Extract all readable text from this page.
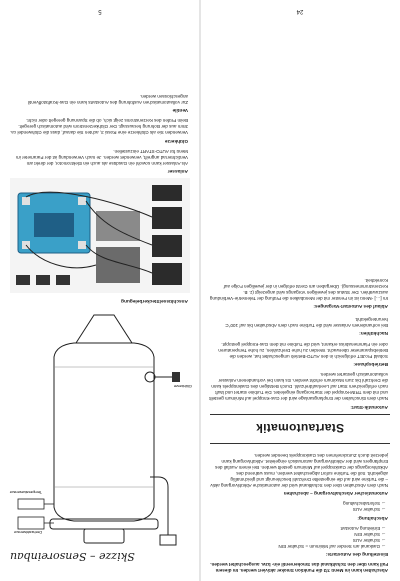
Abschalten kann im Menü 7/3 die Funktion Smoker aktiviert werden. Im diesem Fall kann über den Schaltkanal das Smokerventil ein- bzw. ausgeschaltet werden.

Einstellung des Autostarts:
→ Gaskanal am Sender auf Minimum = Schalter EIN
→ Schalter AUS
→ Schalter EIN
→ Einleitung Autostart
Abschaltung:
→ Schalter AUS
→ Sofortabschaltung
Automatischer Abschaltvorgang – abschalten

Nach dem Abschalten über den Schaltkanal wird der automatische Abkühlvorgang aktiv – die Turbine wird auf die eingestellte Drehzahl beschleunigt und gleichmäßig abgekühlt. Soll die Turbine sofort abgeschaltet werden, muss während des Abkühlvorgangs der Gasknüppel auf Minimum gestellt werden. Bei einem Ausfall des Empfängers wird der Abkühlvorgang automatisch eingeleitet. Abkühlvorgang kann jederzeit durch Zurücknehmen des Gasknüppels beendet werden.

Startautomatik
Automatik-Start:

Nach dem Einschalten der Empfangsanlage wird der Gas-Knüppel auf Minimum gestellt und mit dem TRIM-Knüppel der Startvorgang eingeleitet. Die Turbine startet und läuft nach erfolgreichem Start auf Leerlaufdrehzahl. Durch Betätigen des Gasknüppels kann die Drehzahl bis zum Maximum erhöht werden. Es kann bei vorhandenem Anlasser vollautomatisch gestartet werden.

Betriebsphase:

Sobald ProJET erfolgreich in den AUTO-Betrieb umgeschaltet hat, werden die Betriebsparameter überwacht. Werden zu hohe Drehzahlen, zu hohe Temperaturen oder ein Flammenabriss erkannt, wird die Turbine mit dem Gas-Knüppel gestoppt.

Nachkühlen:

Bei vorhandenem Anlasser wird die Turbine nach dem Abschalten bis auf 100°C heruntergekühlt.

Ablauf des Autostart-Vorganges:

Im […] -Menü ist im Fenster mit der Menübalken die Prüfung der Telemetrie-Verbindung auszuwählen. Der Status des jeweiligen Vorgangs wird angezeigt (z. B. Kerzenstrommessung). Übergaben am Gerät erfolgen in der jeweiligen Folge auf Korrektheit.

24
Skizze – Sensoreinbau
Temperatursensor
Drehzahlsensor
Glühkerze
Anschlüsse/Steckerbelegung
Anlasser

Als Anlasser kann sowohl ein Gasdüse als auch ein Elektromotor, der direkt am Verdichterrad angreift, verwendet werden. Je nach Verwendung ist der Parameter im Menü für AUTO-START einzustellen.

Glühkerze

Verwenden Sie als Glühkerze eine Rossi 3, achten Sie darauf, dass die Glühwendel ca. 3mm aus der Bohrung herausragt. Der Glühkerzenstrom wird automatisch geregelt. Beim Prüfen des Kerzenstroms zeigt sich, ob die Spannung geregelt oder nicht.

Ventile

Zur vollautomatischen Ausführung des Autostarts kann ein Gas-/Kraftstoffventil angeschlossen werden.

5
